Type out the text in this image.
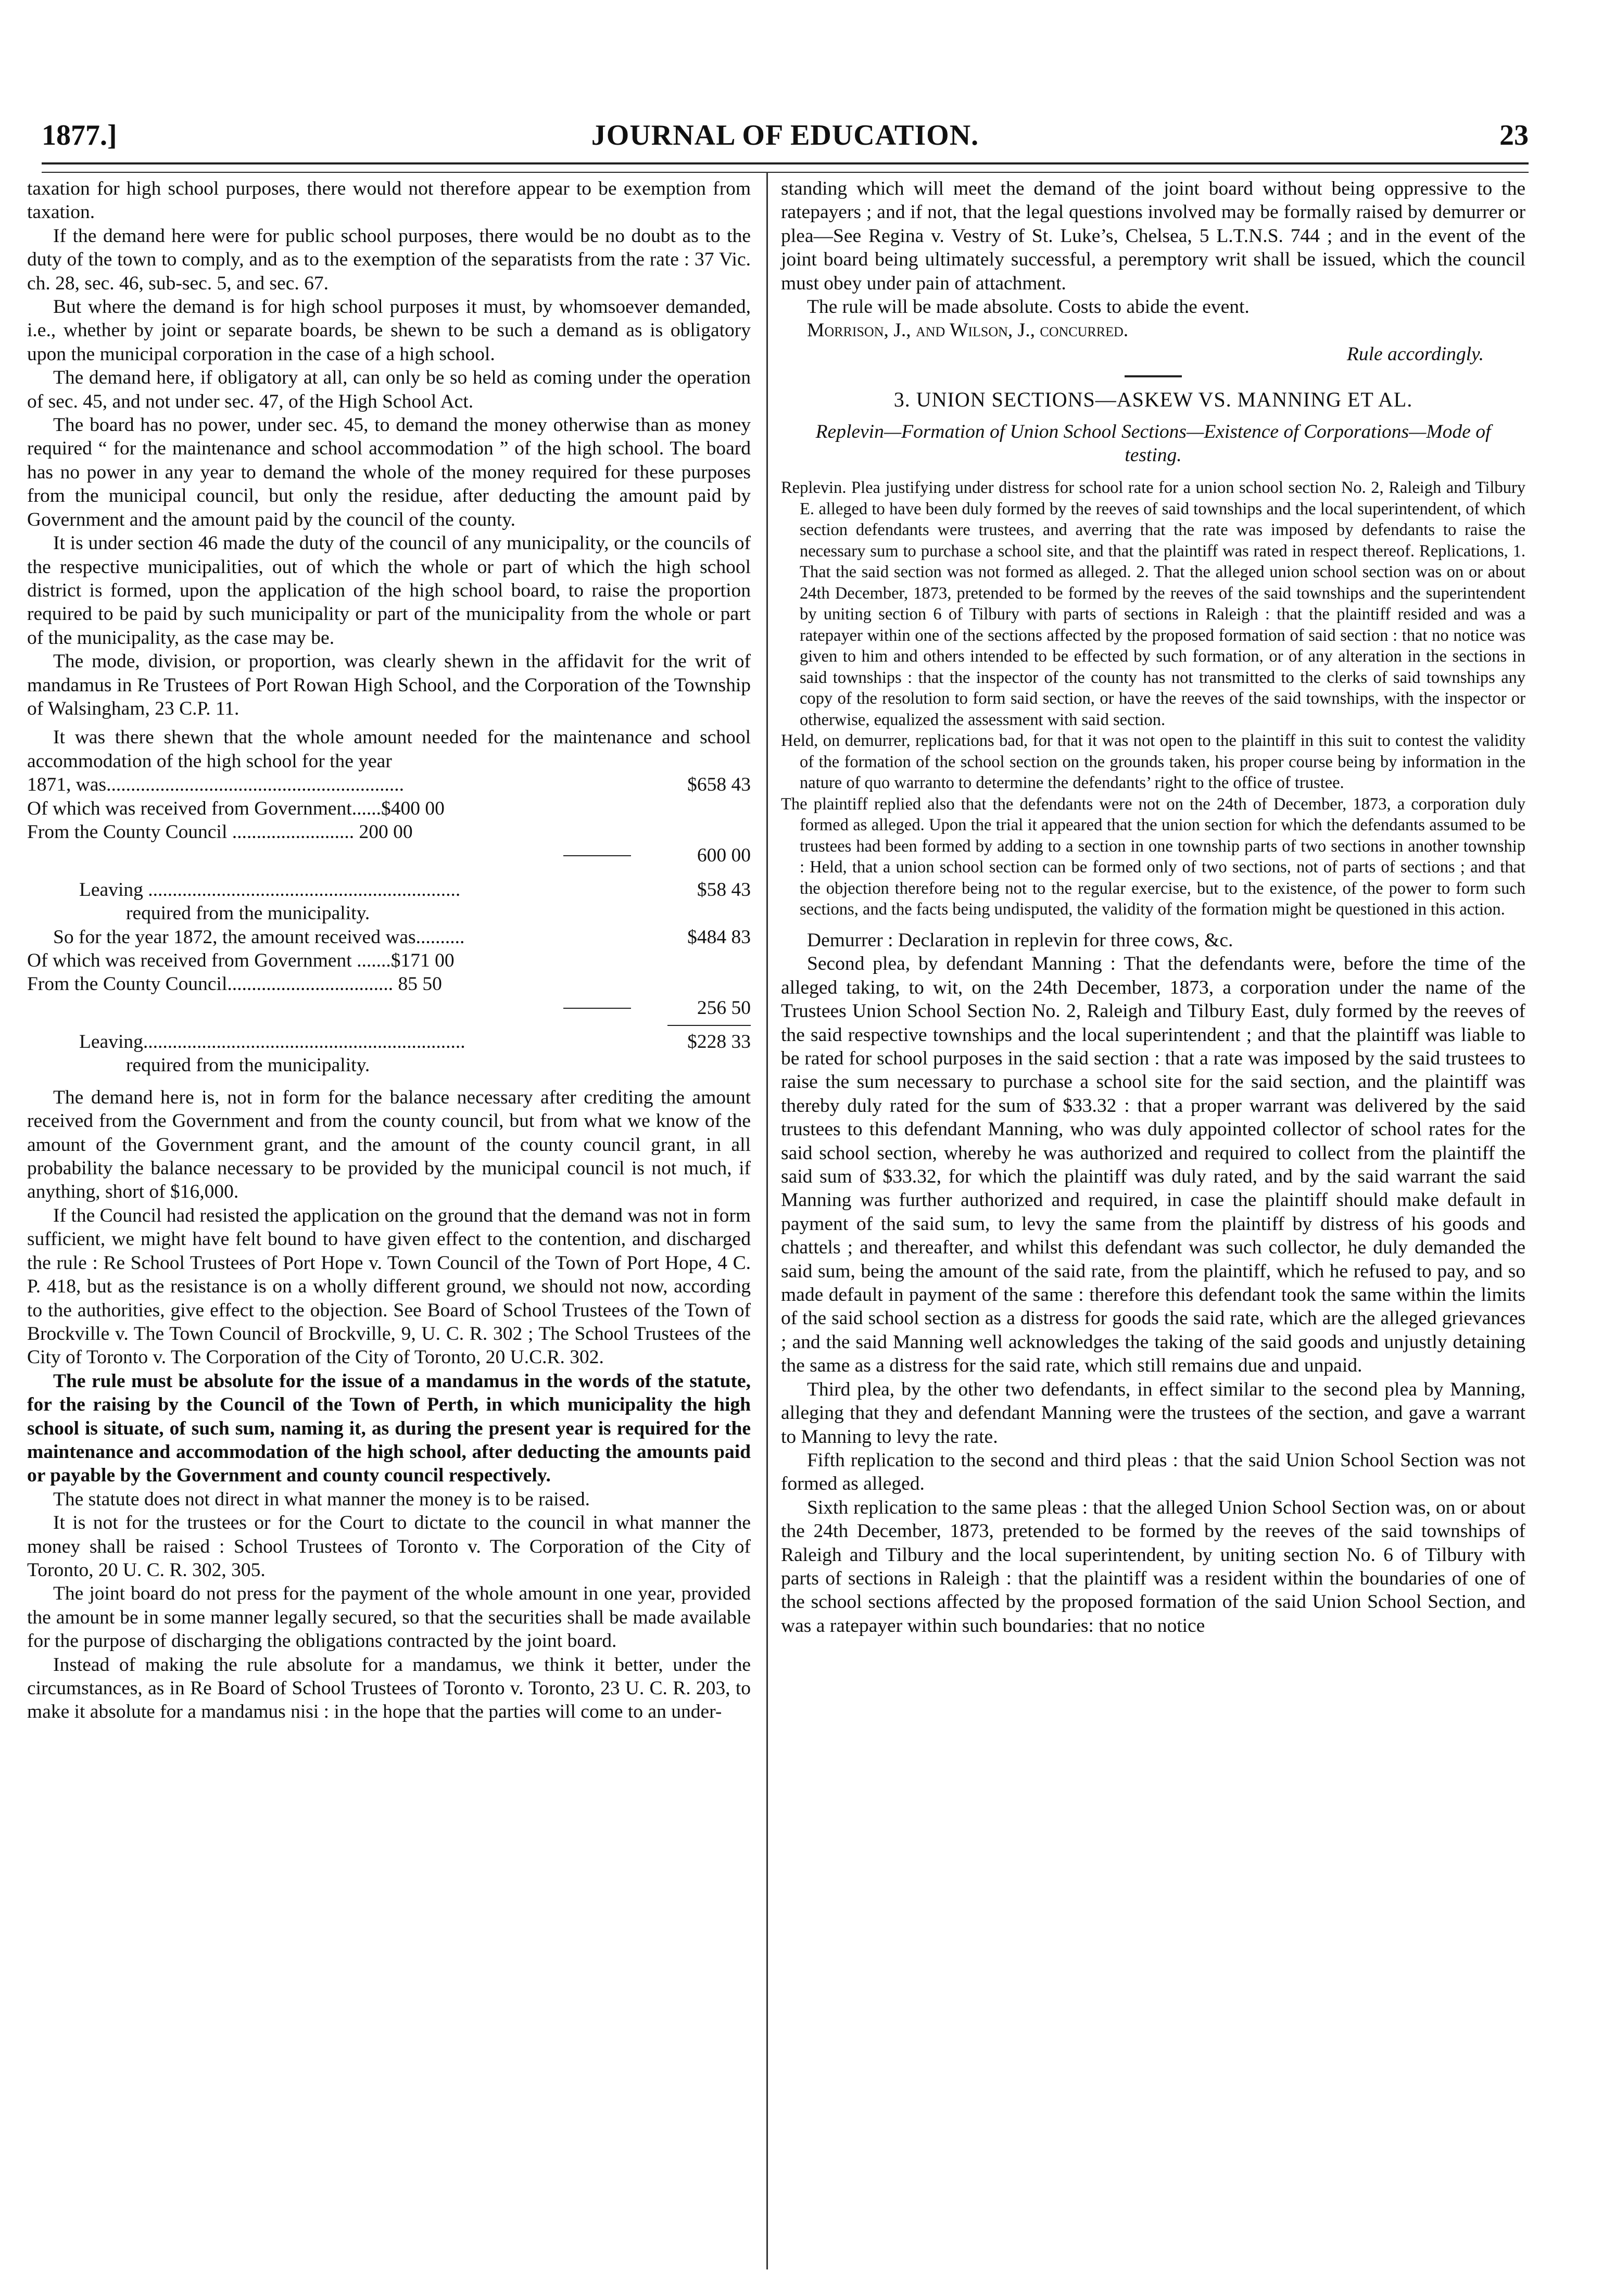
1877.]	JOURNAL OF EDUCATION.	23

taxation for high school purposes, there would not therefore appear to be exemption from taxation.

If the demand here were for public school purposes, there would be no doubt as to the duty of the town to comply, and as to the exemption of the separatists from the rate : 37 Vic. ch. 28, sec. 46, sub-sec. 5, and sec. 67.

But where the demand is for high school purposes it must, by whomsoever demanded, i.e., whether by joint or separate boards, be shewn to be such a demand as is obligatory upon the municipal corporation in the case of a high school.

The demand here, if obligatory at all, can only be so held as coming under the operation of sec. 45, and not under sec. 47, of the High School Act.

The board has no power, under sec. 45, to demand the money otherwise than as money required “ for the maintenance and school accommodation ” of the high school. The board has no power in any year to demand the whole of the money required for these purposes from the municipal council, but only the residue, after deducting the amount paid by Government and the amount paid by the council of the county.

It is under section 46 made the duty of the council of any municipality, or the councils of the respective municipalities, out of which the whole or part of which the high school district is formed, upon the application of the high school board, to raise the proportion required to be paid by such municipality or part of the municipality from the whole or part of the municipality, as the case may be.

The mode, division, or proportion, was clearly shewn in the affidavit for the writ of mandamus in Re Trustees of Port Rowan High School, and the Corporation of the Township of Walsingham, 23 C.P. 11.

It was there shewn that the whole amount needed for the maintenance and school accommodation of the high school for the year

1871, was.............................................................	$658 43
Of which was received from Government......$400 00
From the County Council ......................... 200 00
600 00
Leaving ................................................................	$58 43
required from the municipality.
So for the year 1872, the amount received was..........	$484 83
Of which was received from Government .......$171 00
From the County Council.................................. 85 50
256 50
Leaving..................................................................	$228 33
required from the municipality.

The demand here is, not in form for the balance necessary after crediting the amount received from the Government and from the county council, but from what we know of the amount of the Government grant, and the amount of the county council grant, in all probability the balance necessary to be provided by the municipal council is not much, if anything, short of $16,000.

If the Council had resisted the application on the ground that the demand was not in form sufficient, we might have felt bound to have given effect to the contention, and discharged the rule : Re School Trustees of Port Hope v. Town Council of the Town of Port Hope, 4 C. P. 418, but as the resistance is on a wholly different ground, we should not now, according to the authorities, give effect to the objection. See Board of School Trustees of the Town of Brockville v. The Town Council of Brockville, 9, U. C. R. 302 ; The School Trustees of the City of Toronto v. The Corporation of the City of Toronto, 20 U.C.R. 302.

The rule must be absolute for the issue of a mandamus in the words of the statute, for the raising by the Council of the Town of Perth, in which municipality the high school is situate, of such sum, naming it, as during the present year is required for the maintenance and accommodation of the high school, after deducting the amounts paid or payable by the Government and county council respectively.

The statute does not direct in what manner the money is to be raised.

It is not for the trustees or for the Court to dictate to the council in what manner the money shall be raised : School Trustees of Toronto v. The Corporation of the City of Toronto, 20 U. C. R. 302, 305.

The joint board do not press for the payment of the whole amount in one year, provided the amount be in some manner legally secured, so that the securities shall be made available for the purpose of discharging the obligations contracted by the joint board.

Instead of making the rule absolute for a mandamus, we think it better, under the circumstances, as in Re Board of School Trustees of Toronto v. Toronto, 23 U. C. R. 203, to make it absolute for a mandamus nisi : in the hope that the parties will come to an under-

standing which will meet the demand of the joint board without being oppressive to the ratepayers ; and if not, that the legal questions involved may be formally raised by demurrer or plea—See Regina v. Vestry of St. Luke’s, Chelsea, 5 L.T.N.S. 744 ; and in the event of the joint board being ultimately successful, a peremptory writ shall be issued, which the council must obey under pain of attachment.

The rule will be made absolute. Costs to abide the event.

Morrison, J., and Wilson, J., concurred.

Rule accordingly.
3. UNION SECTIONS—ASKEW VS. MANNING ET AL.
Replevin—Formation of Union School Sections—Existence of Corporations—Mode of testing.

Replevin. Plea justifying under distress for school rate for a union school section No. 2, Raleigh and Tilbury E. alleged to have been duly formed by the reeves of said townships and the local superintendent, of which section defendants were trustees, and averring that the rate was imposed by defendants to raise the necessary sum to purchase a school site, and that the plaintiff was rated in respect thereof. Replications, 1. That the said section was not formed as alleged. 2. That the alleged union school section was on or about 24th December, 1873, pretended to be formed by the reeves of the said townships and the superintendent by uniting section 6 of Tilbury with parts of sections in Raleigh : that the plaintiff resided and was a ratepayer within one of the sections affected by the proposed formation of said section : that no notice was given to him and others intended to be effected by such formation, or of any alteration in the sections in said townships : that the inspector of the county has not transmitted to the clerks of said townships any copy of the resolution to form said section, or have the reeves of the said townships, with the inspector or otherwise, equalized the assessment with said section.

Held, on demurrer, replications bad, for that it was not open to the plaintiff in this suit to contest the validity of the formation of the school section on the grounds taken, his proper course being by information in the nature of quo warranto to determine the defendants’ right to the office of trustee.

The plaintiff replied also that the defendants were not on the 24th of December, 1873, a corporation duly formed as alleged. Upon the trial it appeared that the union section for which the defendants assumed to be trustees had been formed by adding to a section in one township parts of two sections in another township : Held, that a union school section can be formed only of two sections, not of parts of sections ; and that the objection therefore being not to the regular exercise, but to the existence, of the power to form such sections, and the facts being undisputed, the validity of the formation might be questioned in this action.

Demurrer : Declaration in replevin for three cows, &c.

Second plea, by defendant Manning : That the defendants were, before the time of the alleged taking, to wit, on the 24th December, 1873, a corporation under the name of the Trustees Union School Section No. 2, Raleigh and Tilbury East, duly formed by the reeves of the said respective townships and the local superintendent ; and that the plaintiff was liable to be rated for school purposes in the said section : that a rate was imposed by the said trustees to raise the sum necessary to purchase a school site for the said section, and the plaintiff was thereby duly rated for the sum of $33.32 : that a proper warrant was delivered by the said trustees to this defendant Manning, who was duly appointed collector of school rates for the said school section, whereby he was authorized and required to collect from the plaintiff the said sum of $33.32, for which the plaintiff was duly rated, and by the said warrant the said Manning was further authorized and required, in case the plaintiff should make default in payment of the said sum, to levy the same from the plaintiff by distress of his goods and chattels ; and thereafter, and whilst this defendant was such collector, he duly demanded the said sum, being the amount of the said rate, from the plaintiff, which he refused to pay, and so made default in payment of the same : therefore this defendant took the same within the limits of the said school section as a distress for goods the said rate, which are the alleged grievances ; and the said Manning well acknowledges the taking of the said goods and unjustly detaining the same as a distress for the said rate, which still remains due and unpaid.

Third plea, by the other two defendants, in effect similar to the second plea by Manning, alleging that they and defendant Manning were the trustees of the section, and gave a warrant to Manning to levy the rate.

Fifth replication to the second and third pleas : that the said Union School Section was not formed as alleged.

Sixth replication to the same pleas : that the alleged Union School Section was, on or about the 24th December, 1873, pretended to be formed by the reeves of the said townships of Raleigh and Tilbury and the local superintendent, by uniting section No. 6 of Tilbury with parts of sections in Raleigh : that the plaintiff was a resident within the boundaries of one of the school sections affected by the proposed formation of the said Union School Section, and was a ratepayer within such boundaries: that no notice
